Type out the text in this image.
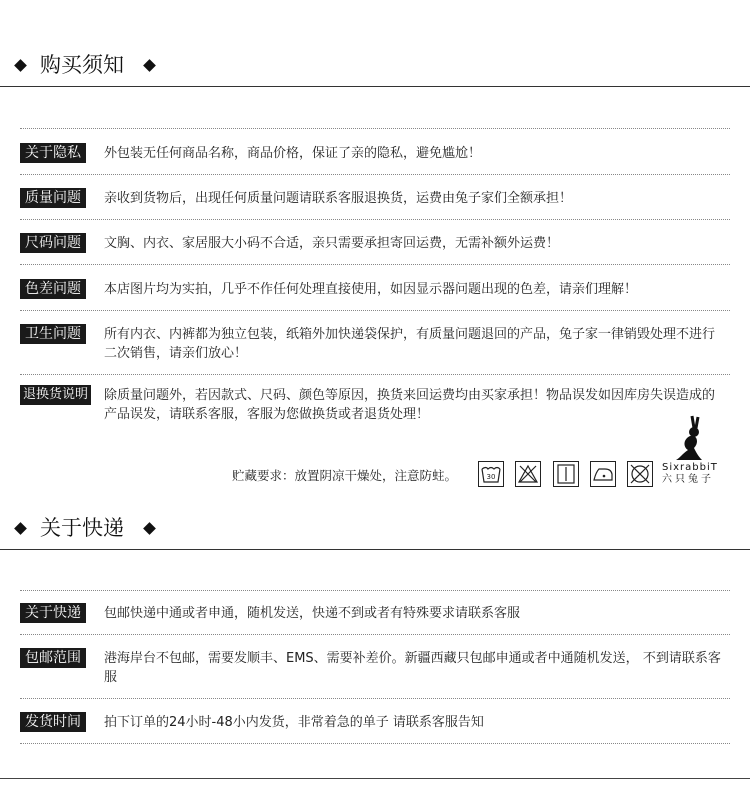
购买须知
关于隐私	外包装无任何商品名称，商品价格，保证了亲的隐私，避免尴尬！
质量问题	亲收到货物后，出现任何质量问题请联系客服退换货，运费由兔子家们全额承担！
尺码问题	文胸、内衣、家居服大小码不合适，亲只需要承担寄回运费，无需补额外运费！
色差问题	本店图片均为实拍，几乎不作任何处理直接使用，如因显示器问题出现的色差，请亲们理解！
卫生问题	所有内衣、内裤都为独立包装，纸箱外加快递袋保护，有质量问题退回的产品，兔子家一律销毁处理不进行二次销售，请亲们放心！
退换货说明 除质量问题外，若因款式、尺码、颜色等原因，换货来回运费均由买家承担！物品误发如因库房失误造成的产品误发，请联系客服，客服为您做换货或者退货处理！
贮藏要求：放置阴凉干燥处，注意防蛀。	30
SixrabbiT
六只兔子
关于快递
关于快递	包邮快递中通或者申通，随机发送，快递不到或者有特殊要求请联系客服
包邮范围	港海岸台不包邮，需要发顺丰、EMS、需要补差价。新疆西藏只包邮申通或者中通随机发送， 不到请联系客服
发货时间	拍下订单的24小时-48小内发货，非常着急的单子 请联系客服告知
